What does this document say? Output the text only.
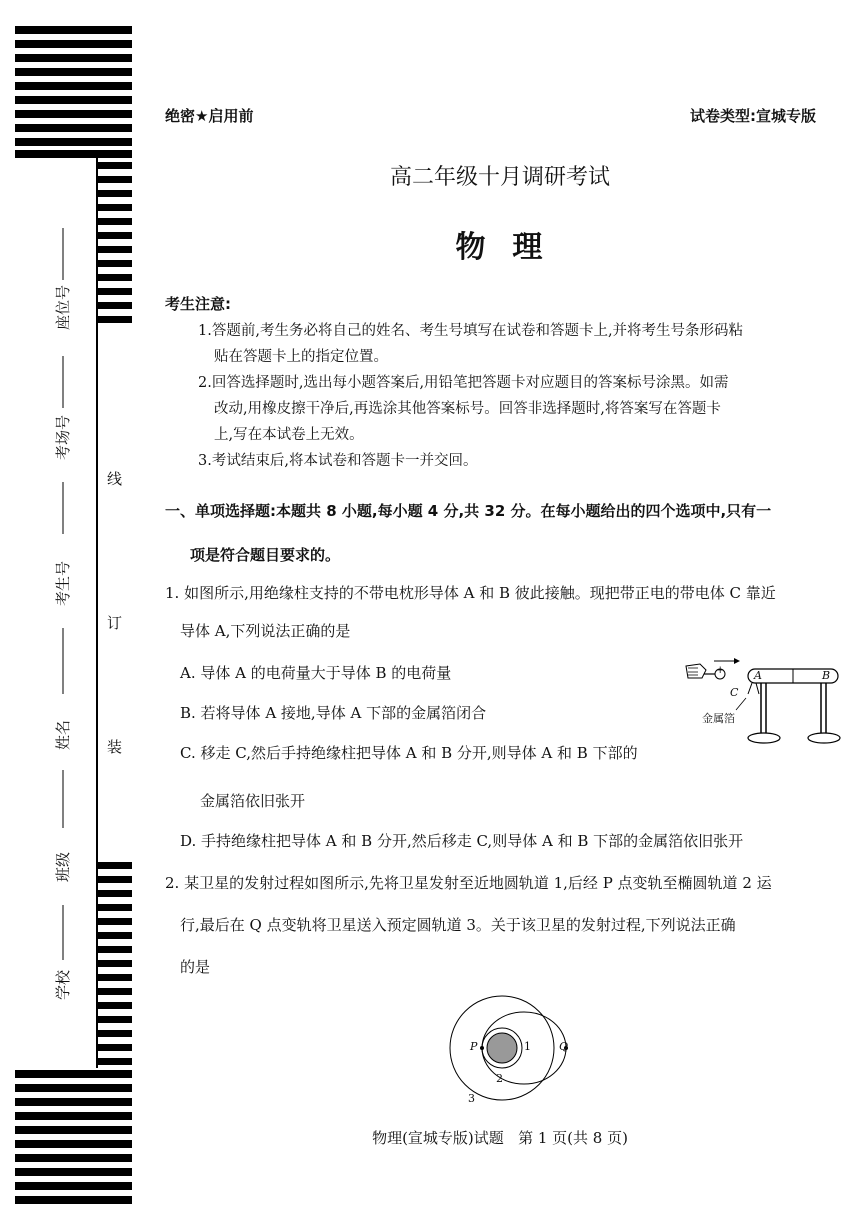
座位号
考场号
考生号
姓名
班级
学校
线
订
装
绝密★启用前	试卷类型:宣城专版
高二年级十月调研考试
物  理
考生注意:
1.答题前,考生务必将自己的姓名、考生号填写在试卷和答题卡上,并将考生号条形码粘
贴在答题卡上的指定位置。
2.回答选择题时,选出每小题答案后,用铅笔把答题卡对应题目的答案标号涂黑。如需
改动,用橡皮擦干净后,再选涂其他答案标号。回答非选择题时,将答案写在答题卡
上,写在本试卷上无效。
3.考试结束后,将本试卷和答题卡一并交回。
一、单项选择题:本题共 8 小题,每小题 4 分,共 32 分。在每小题给出的四个选项中,只有一
项是符合题目要求的。
1. 如图所示,用绝缘柱支持的不带电枕形导体 A 和 B 彼此接触。现把带正电的带电体 C 靠近
导体 A,下列说法正确的是
A. 导体 A 的电荷量大于导体 B 的电荷量
B. 若将导体 A 接地,导体 A 下部的金属箔闭合
C. 移走 C,然后手持绝缘柱把导体 A 和 B 分开,则导体 A 和 B 下部的
金属箔依旧张开
D. 手持绝缘柱把导体 A 和 B 分开,然后移走 C,则导体 A 和 B 下部的金属箔依旧张开
+	A	B
C
金属箔
2. 某卫星的发射过程如图所示,先将卫星发射至近地圆轨道 1,后经 P 点变轨至椭圆轨道 2 运
行,最后在 Q 点变轨将卫星送入预定圆轨道 3。关于该卫星的发射过程,下列说法正确
的是
P	Q
1
2
3
物理(宣城专版)试题   第 1 页(共 8 页)
